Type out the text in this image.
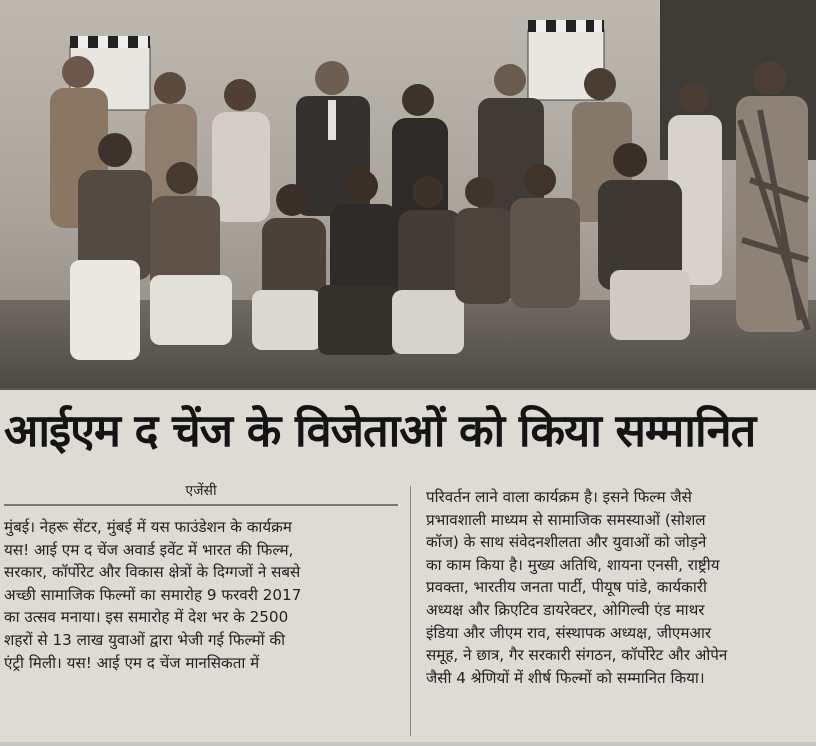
आईएम द चेंज के विजेताओं को किया सम्मानित
एजेंसी
मुंबई। नेहरू सेंटर, मुंबई में यस फाउंडेशन के कार्यक्रम
यस! आई एम द चेंज अवार्ड इवेंट में भारत की फिल्म,
सरकार, कॉर्पोरेट और विकास क्षेत्रों के दिग्गजों ने सबसे
अच्छी सामाजिक फिल्मों का समारोह 9 फरवरी 2017
का उत्सव मनाया। इस समारोह में देश भर के 2500
शहरों से 13 लाख युवाओं द्वारा भेजी गई फिल्मों की
एंट्री मिली। यस! आई एम द चेंज मानसिकता में
परिवर्तन लाने वाला कार्यक्रम है। इसने फिल्म जैसे
प्रभावशाली माध्यम से सामाजिक समस्याओं (सोशल
कॉज) के साथ संवेदनशीलता और युवाओं को जोड़ने
का काम किया है। मुख्य अतिथि, शायना एनसी, राष्ट्रीय
प्रवक्ता, भारतीय जनता पार्टी, पीयूष पांडे, कार्यकारी
अध्यक्ष और क्रिएटिव डायरेक्टर, ओगिल्वी एंड माथर
इंडिया और जीएम राव, संस्थापक अध्यक्ष, जीएमआर
समूह, ने छात्र, गैर सरकारी संगठन, कॉर्पोरेट और ओपेन
जैसी 4 श्रेणियों में शीर्ष फिल्मों को सम्मानित किया।
